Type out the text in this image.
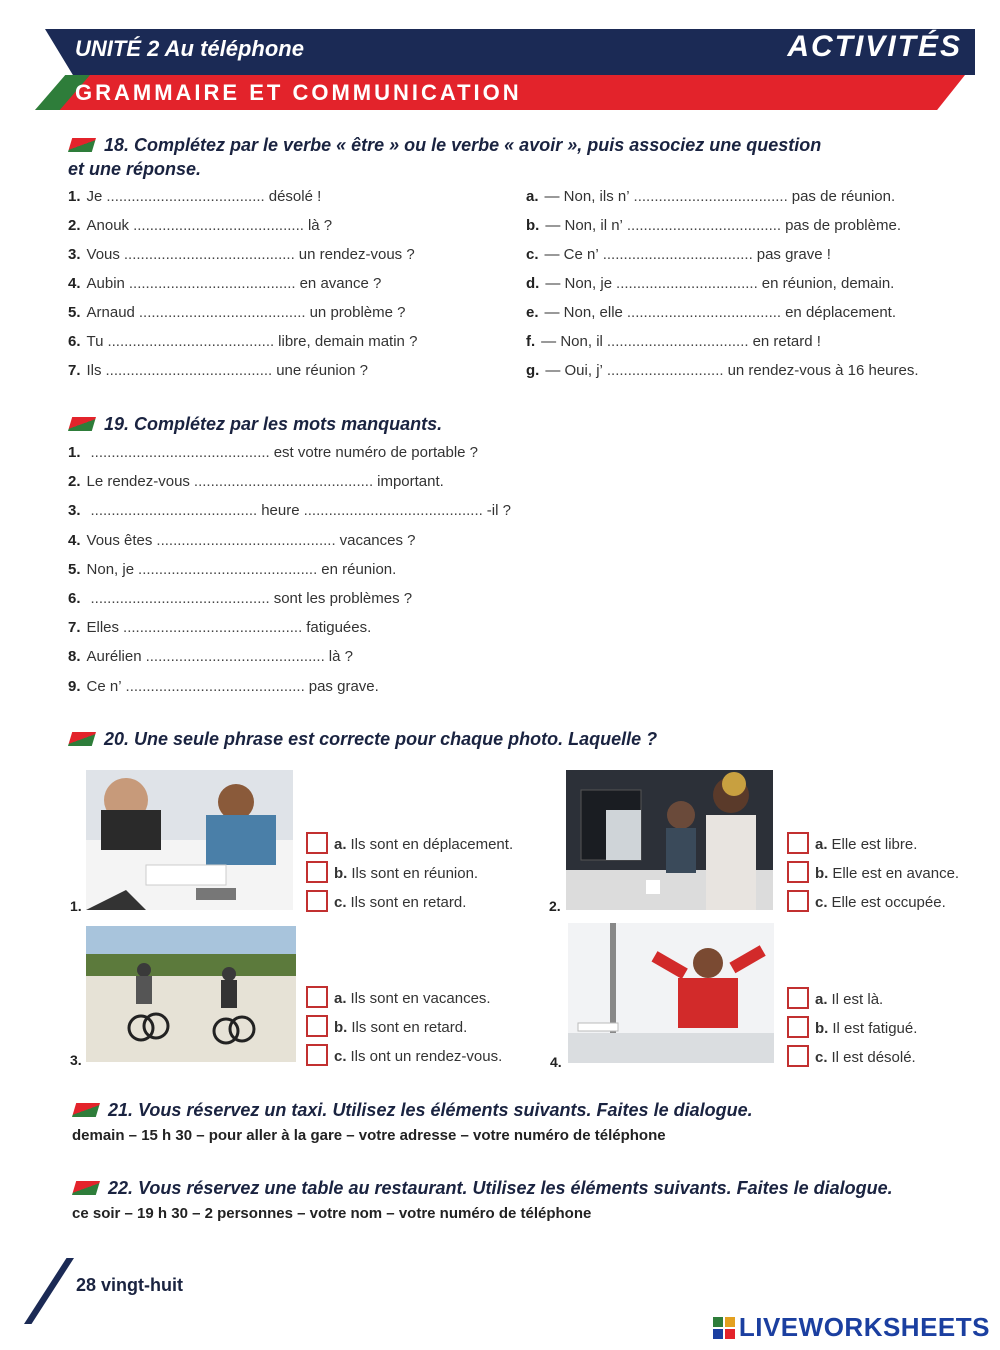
UNITÉ 2 Au téléphone	ACTIVITÉS
GRAMMAIRE ET COMMUNICATION
18. Complétez par le verbe « être » ou le verbe « avoir », puis associez une question
et une réponse.
1. Je ...................................... désolé !
2. Anouk ......................................... là ?
3. Vous ......................................... un rendez-vous ?
4. Aubin ........................................ en avance ?
5. Arnaud ........................................ un problème ?
6. Tu ........................................ libre, demain matin ?
7. Ils ........................................ une réunion ?
a. — Non, ils n’ ..................................... pas de réunion.
b. — Non, il n’ ..................................... pas de problème.
c. — Ce n’ .................................... pas grave !
d. — Non, je .................................. en réunion, demain.
e. — Non, elle ..................................... en déplacement.
f. — Non, il .................................. en retard !
g. — Oui, j’ ............................ un rendez-vous à 16 heures.
19. Complétez par les mots manquants.
1. ........................................... est votre numéro de portable ?
2. Le rendez-vous ........................................... important.
3. ........................................ heure ........................................... -il ?
4. Vous êtes ........................................... vacances ?
5. Non, je ........................................... en réunion.
6. ........................................... sont les problèmes ?
7. Elles ........................................... fatiguées.
8. Aurélien ........................................... là ?
9. Ce n’ ........................................... pas grave.
20. Une seule phrase est correcte pour chaque photo. Laquelle ?
1.
a. Ils sont en déplacement.
b. Ils sont en réunion.
c. Ils sont en retard.	2.
a. Elle est libre.
b. Elle est en avance.
c. Elle est occupée.
3.
a. Ils sont en vacances.
b. Ils sont en retard.
c. Ils ont un rendez-vous.	4.
a. Il est là.
b. Il est fatigué.
c. Il est désolé.
21. Vous réservez un taxi. Utilisez les éléments suivants. Faites le dialogue.
demain – 15 h 30 – pour aller à la gare – votre adresse – votre numéro de téléphone
22. Vous réservez une table au restaurant. Utilisez les éléments suivants. Faites le dialogue.
ce soir – 19 h 30 – 2 personnes – votre nom – votre numéro de téléphone
28 vingt-huit
LIVEWORKSHEETS
